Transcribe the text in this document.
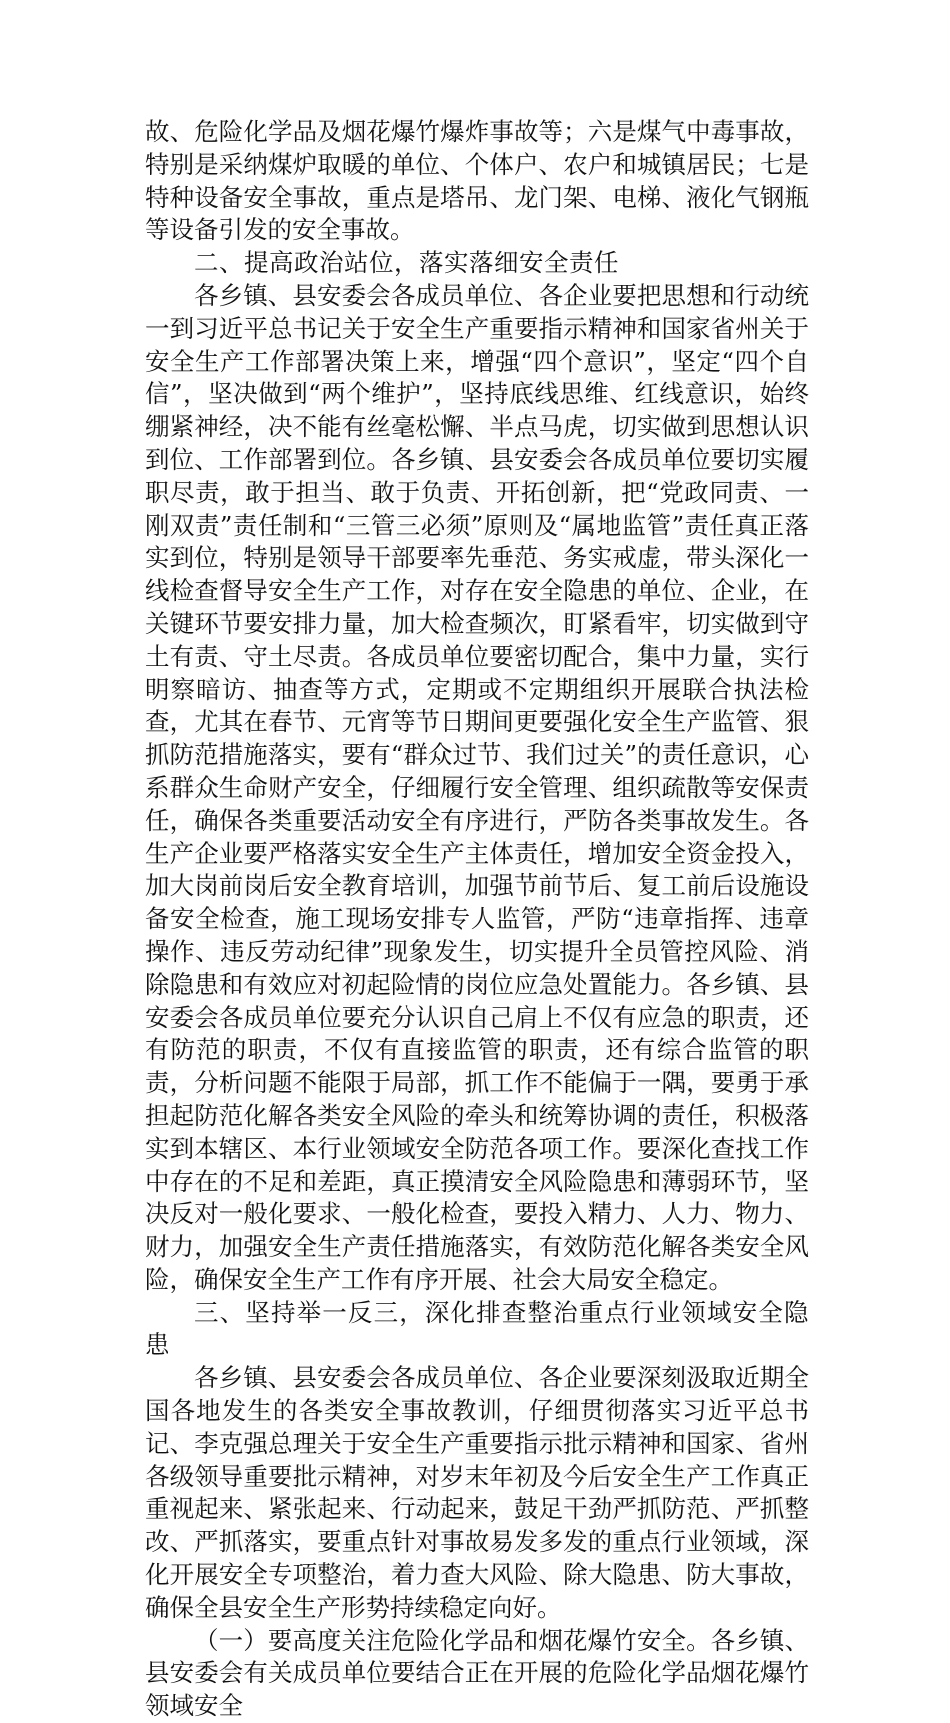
故、危险化学品及烟花爆竹爆炸事故等；六是煤气中毒事故，特别是采纳煤炉取暖的单位、个体户、农户和城镇居民；七是特种设备安全事故，重点是塔吊、龙门架、电梯、液化气钢瓶等设备引发的安全事故。

二、提高政治站位，落实落细安全责任

各乡镇、县安委会各成员单位、各企业要把思想和行动统一到习近平总书记关于安全生产重要指示精神和国家省州关于安全生产工作部署决策上来，增强“四个意识”，坚定“四个自信”，坚决做到“两个维护”，坚持底线思维、红线意识，始终绷紧神经，决不能有丝毫松懈、半点马虎，切实做到思想认识到位、工作部署到位。各乡镇、县安委会各成员单位要切实履职尽责，敢于担当、敢于负责、开拓创新，把“党政同责、一刚双责”责任制和“三管三必须”原则及“属地监管”责任真正落实到位，特别是领导干部要率先垂范、务实戒虚，带头深化一线检查督导安全生产工作，对存在安全隐患的单位、企业，在关键环节要安排力量，加大检查频次，盯紧看牢，切实做到守土有责、守土尽责。各成员单位要密切配合，集中力量，实行明察暗访、抽查等方式，定期或不定期组织开展联合执法检查，尤其在春节、元宵等节日期间更要强化安全生产监管、狠抓防范措施落实，要有“群众过节、我们过关”的责任意识，心系群众生命财产安全，仔细履行安全管理、组织疏散等安保责任，确保各类重要活动安全有序进行，严防各类事故发生。各生产企业要严格落实安全生产主体责任，增加安全资金投入，加大岗前岗后安全教育培训，加强节前节后、复工前后设施设备安全检查，施工现场安排专人监管，严防“违章指挥、违章操作、违反劳动纪律”现象发生，切实提升全员管控风险、消除隐患和有效应对初起险情的岗位应急处置能力。各乡镇、县安委会各成员单位要充分认识自己肩上不仅有应急的职责，还有防范的职责，不仅有直接监管的职责，还有综合监管的职责，分析问题不能限于局部，抓工作不能偏于一隅，要勇于承担起防范化解各类安全风险的牵头和统筹协调的责任，积极落实到本辖区、本行业领域安全防范各项工作。要深化查找工作中存在的不足和差距，真正摸清安全风险隐患和薄弱环节，坚决反对一般化要求、一般化检查，要投入精力、人力、物力、财力，加强安全生产责任措施落实，有效防范化解各类安全风险，确保安全生产工作有序开展、社会大局安全稳定。

三、坚持举一反三，深化排查整治重点行业领域安全隐患

各乡镇、县安委会各成员单位、各企业要深刻汲取近期全国各地发生的各类安全事故教训，仔细贯彻落实习近平总书记、李克强总理关于安全生产重要指示批示精神和国家、省州各级领导重要批示精神，对岁末年初及今后安全生产工作真正重视起来、紧张起来、行动起来，鼓足干劲严抓防范、严抓整改、严抓落实，要重点针对事故易发多发的重点行业领域，深化开展安全专项整治，着力查大风险、除大隐患、防大事故，确保全县安全生产形势持续稳定向好。

（一）要高度关注危险化学品和烟花爆竹安全。各乡镇、县安委会有关成员单位要结合正在开展的危险化学品烟花爆竹领域安全
